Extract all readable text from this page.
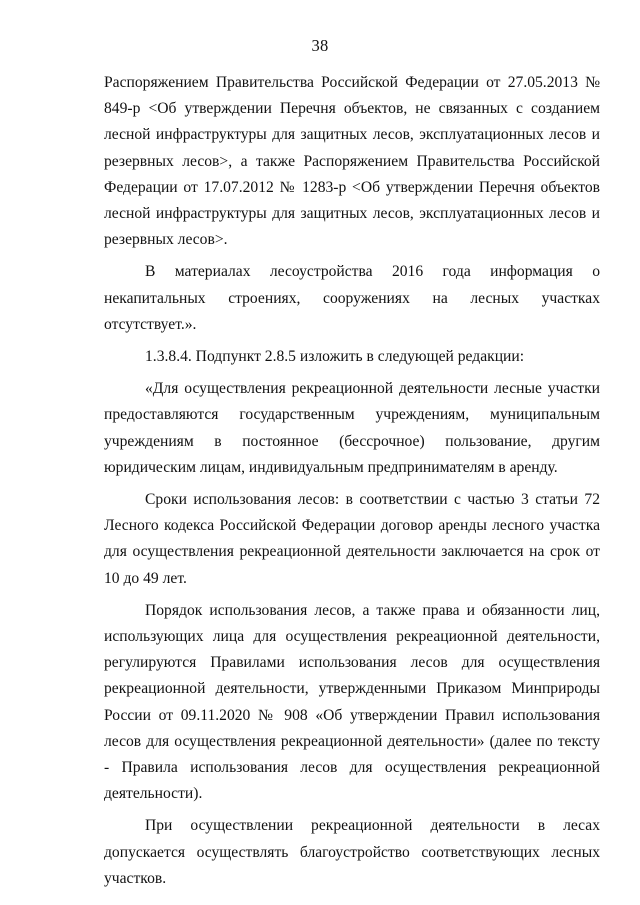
38

Распоряжением Правительства Российской Федерации от 27.05.2013 № 849-р <Об утверждении Перечня объектов, не связанных с созданием лесной инфраструктуры для защитных лесов, эксплуатационных лесов и резервных лесов>, а также Распоряжением Правительства Российской Федерации от 17.07.2012 № 1283-р <Об утверждении Перечня объектов лесной инфраструктуры для защитных лесов, эксплуатационных лесов и резервных лесов>.

В материалах лесоустройства 2016 года информация о некапитальных строениях, сооружениях на лесных участках отсутствует.».

1.3.8.4. Подпункт 2.8.5 изложить в следующей редакции:

«Для осуществления рекреационной деятельности лесные участки предоставляются государственным учреждениям, муниципальным учреждениям в постоянное (бессрочное) пользование, другим юридическим лицам, индивидуальным предпринимателям в аренду.

Сроки использования лесов: в соответствии с частью 3 статьи 72 Лесного кодекса Российской Федерации договор аренды лесного участка для осуществления рекреационной деятельности заключается на срок от 10 до 49 лет.

Порядок использования лесов, а также права и обязанности лиц, использующих лица для осуществления рекреационной деятельности, регулируются Правилами использования лесов для осуществления рекреационной деятельности, утвержденными Приказом Минприроды России от 09.11.2020 № 908 «Об утверждении Правил использования лесов для осуществления рекреационной деятельности» (далее по тексту - Правила использования лесов для осуществления рекреационной деятельности).

При осуществлении рекреационной деятельности в лесах допускается осуществлять благоустройство соответствующих лесных участков.
